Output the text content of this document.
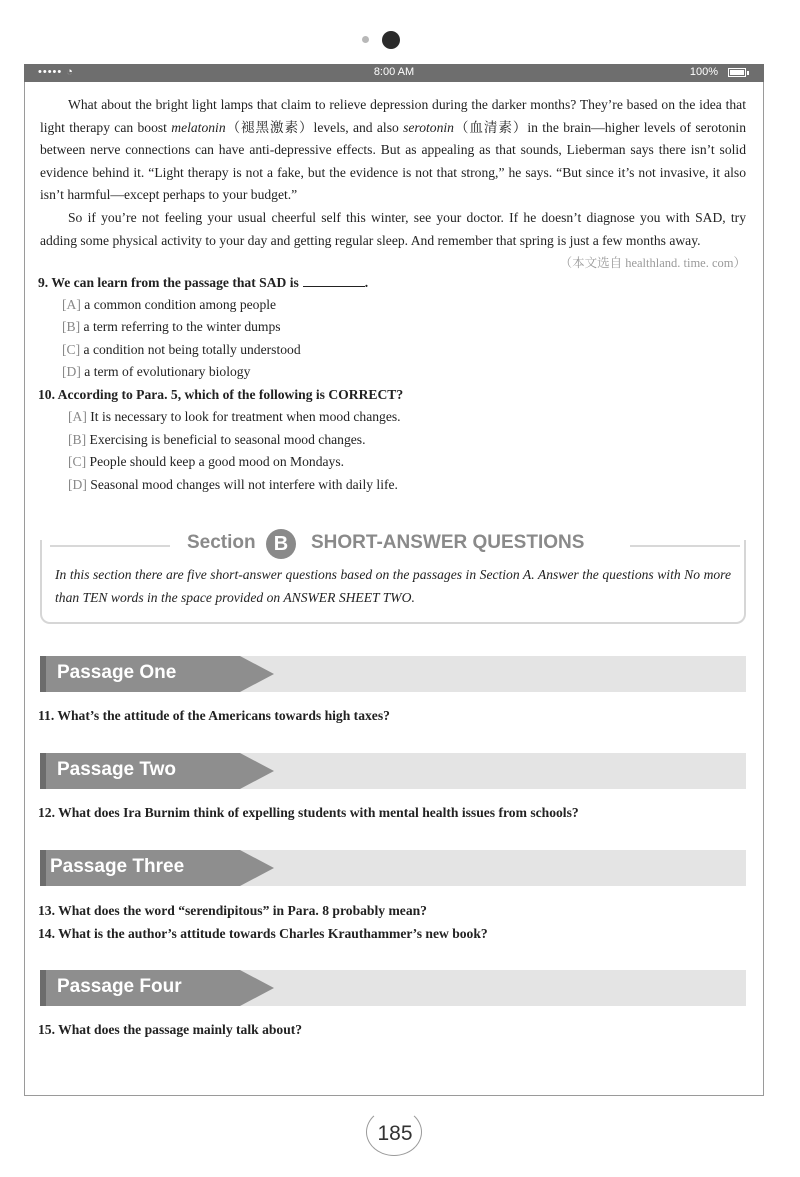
••••• ◔	8:00 AM	100%
What about the bright light lamps that claim to relieve depression during the darker months? They’re based on the idea that light therapy can boost melatonin（褪黑激素）levels, and also serotonin（血清素）in the brain—higher levels of serotonin between nerve connections can have anti-depressive effects. But as appealing as that sounds, Lieberman says there isn’t solid evidence behind it. “Light therapy is not a fake, but the evidence is not that strong,” he says. “But since it’s not invasive, it also isn’t harmful—except perhaps to your budget.”
So if you’re not feeling your usual cheerful self this winter, see your doctor. If he doesn’t diagnose you with SAD, try adding some physical activity to your day and getting regular sleep. And remember that spring is just a few months away.
（本文选自 healthland. time. com）
9. We can learn from the passage that SAD is	.
[A] a common condition among people
[B] a term referring to the winter dumps
[C] a condition not being totally understood
[D] a term of evolutionary biology
10. According to Para. 5, which of the following is CORRECT?
[A] It is necessary to look for treatment when mood changes.
[B] Exercising is beneficial to seasonal mood changes.
[C] People should keep a good mood on Mondays.
[D] Seasonal mood changes will not interfere with daily life.
Section B	SHORT-ANSWER QUESTIONS
In this section there are five short-answer questions based on the passages in Section A. Answer the questions with No more than TEN words in the space provided on ANSWER SHEET TWO.
Passage One
11. What’s the attitude of the Americans towards high taxes?
Passage Two
12. What does Ira Burnim think of expelling students with mental health issues from schools?
Passage Three
13. What does the word “serendipitous” in Para. 8 probably mean?
14. What is the author’s attitude towards Charles Krauthammer’s new book?
Passage Four
15. What does the passage mainly talk about?
185
